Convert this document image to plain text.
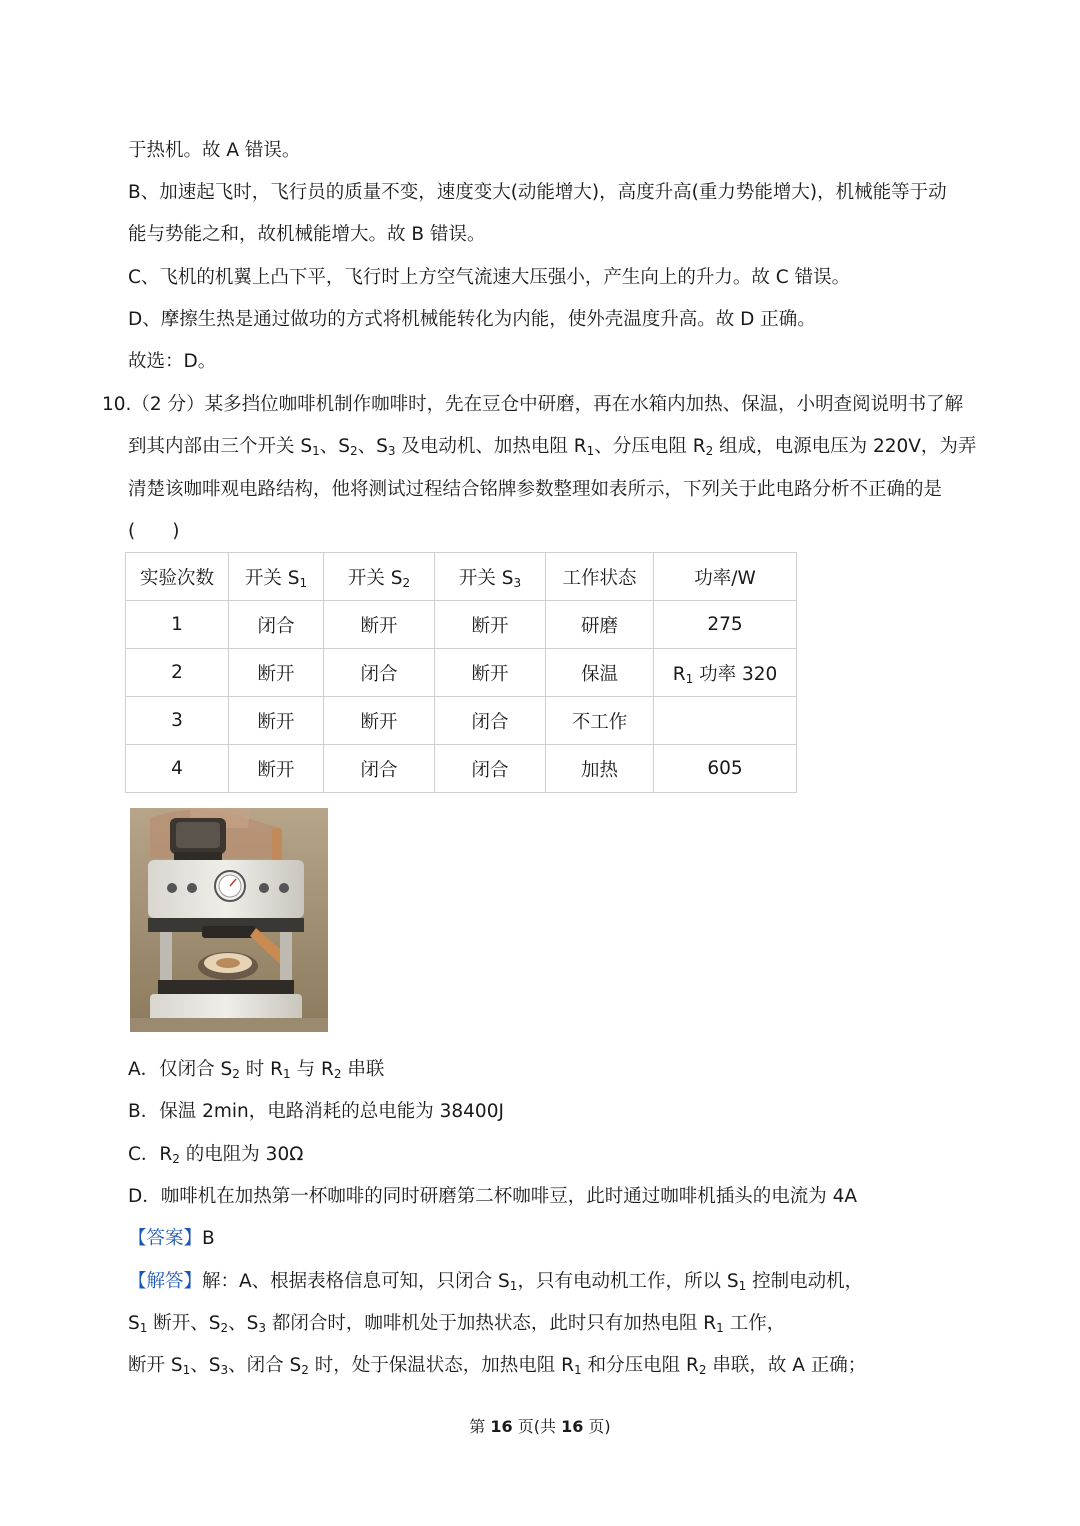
于热机。故 A 错误。
B、加速起飞时，飞行员的质量不变，速度变大(动能增大)，高度升高(重力势能增大)，机械能等于动
能与势能之和，故机械能增大。故 B 错误。
C、飞机的机翼上凸下平，飞行时上方空气流速大压强小，产生向上的升力。故 C 错误。
D、摩擦生热是通过做功的方式将机械能转化为内能，使外壳温度升高。故 D 正确。
故选：D。
10.（2 分）某多挡位咖啡机制作咖啡时，先在豆仓中研磨，再在水箱内加热、保温，小明查阅说明书了解
到其内部由三个开关 $S_1$、$S_2$、$S_3$ 及电动机、加热电阻 $R_1$、分压电阻 $R_2$ 组成，电源电压为 220V，为弄
清楚该咖啡观电路结构，他将测试过程结合铭牌参数整理如表所示，下列关于此电路分析不正确的是
(　　)
实验次数	开关 $S_1$	开关 $S_2$	开关 $S_3$	工作状态	功率/W
1	闭合	断开	断开	研磨	275
2	断开	闭合	断开	保温	$R_1$ 功率 320
3	断开	断开	闭合	不工作	
4	断开	闭合	闭合	加热	605
A．仅闭合 $S_2$ 时 $R_1$ 与 $R_2$ 串联
B．保温 2min，电路消耗的总电能为 38400J
C．$R_2$ 的电阻为 30Ω
D．咖啡机在加热第一杯咖啡的同时研磨第二杯咖啡豆，此时通过咖啡机插头的电流为 4A
【答案】B
【解答】解：A、根据表格信息可知，只闭合 $S_1$，只有电动机工作，所以 $S_1$ 控制电动机，
$S_1$ 断开、$S_2$、$S_3$ 都闭合时，咖啡机处于加热状态，此时只有加热电阻 $R_1$ 工作，
断开 $S_1$、$S_3$、闭合 $S_2$ 时，处于保温状态，加热电阻 $R_1$ 和分压电阻 $R_2$ 串联，故 A 正确；
第 16 页(共 16 页)
